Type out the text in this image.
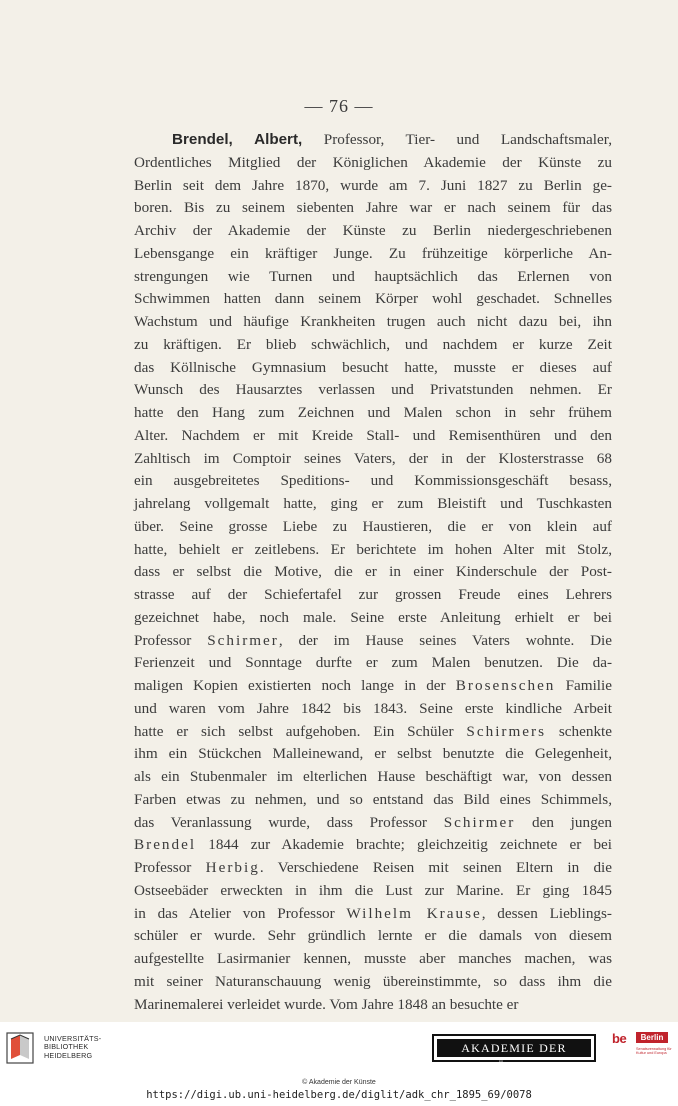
— 76 —
Brendel, Albert, Professor, Tier- und Landschaftsmaler,
Ordentliches Mitglied der Königlichen Akademie der Künste zu
Berlin seit dem Jahre 1870, wurde am 7. Juni 1827 zu Berlin ge-
boren. Bis zu seinem siebenten Jahre war er nach seinem für das
Archiv der Akademie der Künste zu Berlin niedergeschriebenen
Lebensgange ein kräftiger Junge. Zu frühzeitige körperliche An-
strengungen wie Turnen und hauptsächlich das Erlernen von
Schwimmen hatten dann seinem Körper wohl geschadet. Schnelles
Wachstum und häufige Krankheiten trugen auch nicht dazu bei, ihn
zu kräftigen. Er blieb schwächlich, und nachdem er kurze Zeit
das Köllnische Gymnasium besucht hatte, musste er dieses auf
Wunsch des Hausarztes verlassen und Privatstunden nehmen. Er
hatte den Hang zum Zeichnen und Malen schon in sehr frühem
Alter. Nachdem er mit Kreide Stall- und Remisenthüren und den
Zahltisch im Comptoir seines Vaters, der in der Klosterstrasse 68
ein ausgebreitetes Speditions- und Kommissionsgeschäft besass,
jahrelang vollgemalt hatte, ging er zum Bleistift und Tuschkasten
über. Seine grosse Liebe zu Haustieren, die er von klein auf
hatte, behielt er zeitlebens. Er berichtete im hohen Alter mit Stolz,
dass er selbst die Motive, die er in einer Kinderschule der Post-
strasse auf der Schiefertafel zur grossen Freude eines Lehrers
gezeichnet habe, noch male. Seine erste Anleitung erhielt er bei
Professor Schirmer, der im Hause seines Vaters wohnte. Die
Ferienzeit und Sonntage durfte er zum Malen benutzen. Die da-
maligen Kopien existierten noch lange in der Brosenschen Familie
und waren vom Jahre 1842 bis 1843. Seine erste kindliche Arbeit
hatte er sich selbst aufgehoben. Ein Schüler Schirmers schenkte
ihm ein Stückchen Malleinewand, er selbst benutzte die Gelegenheit,
als ein Stubenmaler im elterlichen Hause beschäftigt war, von dessen
Farben etwas zu nehmen, und so entstand das Bild eines Schimmels,
das Veranlassung wurde, dass Professor Schirmer den jungen
Brendel 1844 zur Akademie brachte; gleichzeitig zeichnete er bei
Professor Herbig. Verschiedene Reisen mit seinen Eltern in die
Ostseebäder erweckten in ihm die Lust zur Marine. Er ging 1845
in das Atelier von Professor Wilhelm Krause, dessen Lieblings-
schüler er wurde. Sehr gründlich lernte er die damals von diesem
aufgestellte Lasirmanier kennen, musste aber manches machen, was
mit seiner Naturanschauung wenig übereinstimmte, so dass ihm die
Marinemalerei verleidet wurde. Vom Jahre 1848 an besuchte er
UNIVERSITÄTS-
BIBLIOTHEK
HEIDELBERG
AKADEMIE DER KÜNSTE
be	Berlin
Senatsverwaltung für Kultur und Europa
© Akademie der Künste
https://digi.ub.uni-heidelberg.de/diglit/adk_chr_1895_69/0078
